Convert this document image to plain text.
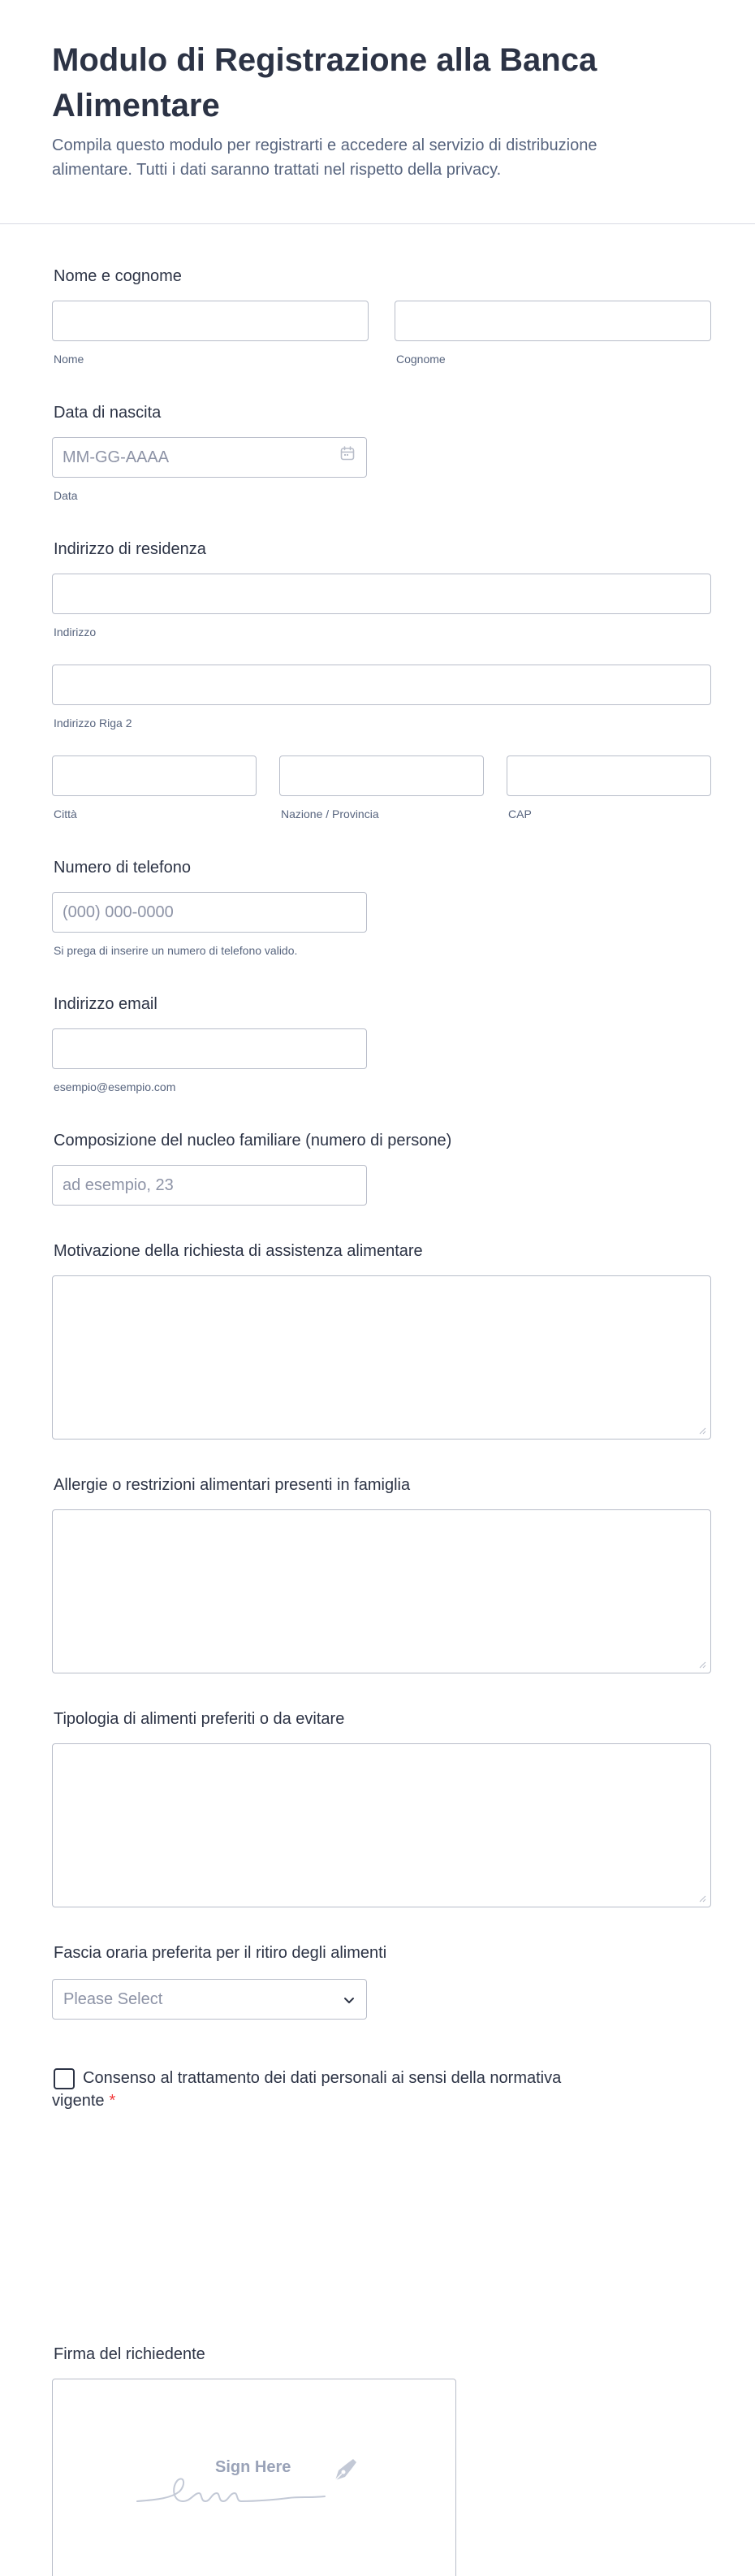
Modulo di Registrazione alla Banca Alimentare

Compila questo modulo per registrarti e accedere al servizio di distribuzione alimentare. Tutti i dati saranno trattati nel rispetto della privacy.

Nome e cognome
Nome	Cognome
Data di nascita
MM-GG-AAAA
Data
Indirizzo di residenza
Indirizzo
Indirizzo Riga 2
Città	Nazione / Provincia	CAP
Numero di telefono
(000) 000-0000
Si prega di inserire un numero di telefono valido.
Indirizzo email
esempio@esempio.com
Composizione del nucleo familiare (numero di persone)
ad esempio, 23
Motivazione della richiesta di assistenza alimentare
Allergie o restrizioni alimentari presenti in famiglia
Tipologia di alimenti preferiti o da evitare
Fascia oraria preferita per il ritiro degli alimenti
Please Select
Consenso al trattamento dei dati personali ai sensi della normativa vigente *
Firma del richiedente
Sign Here
